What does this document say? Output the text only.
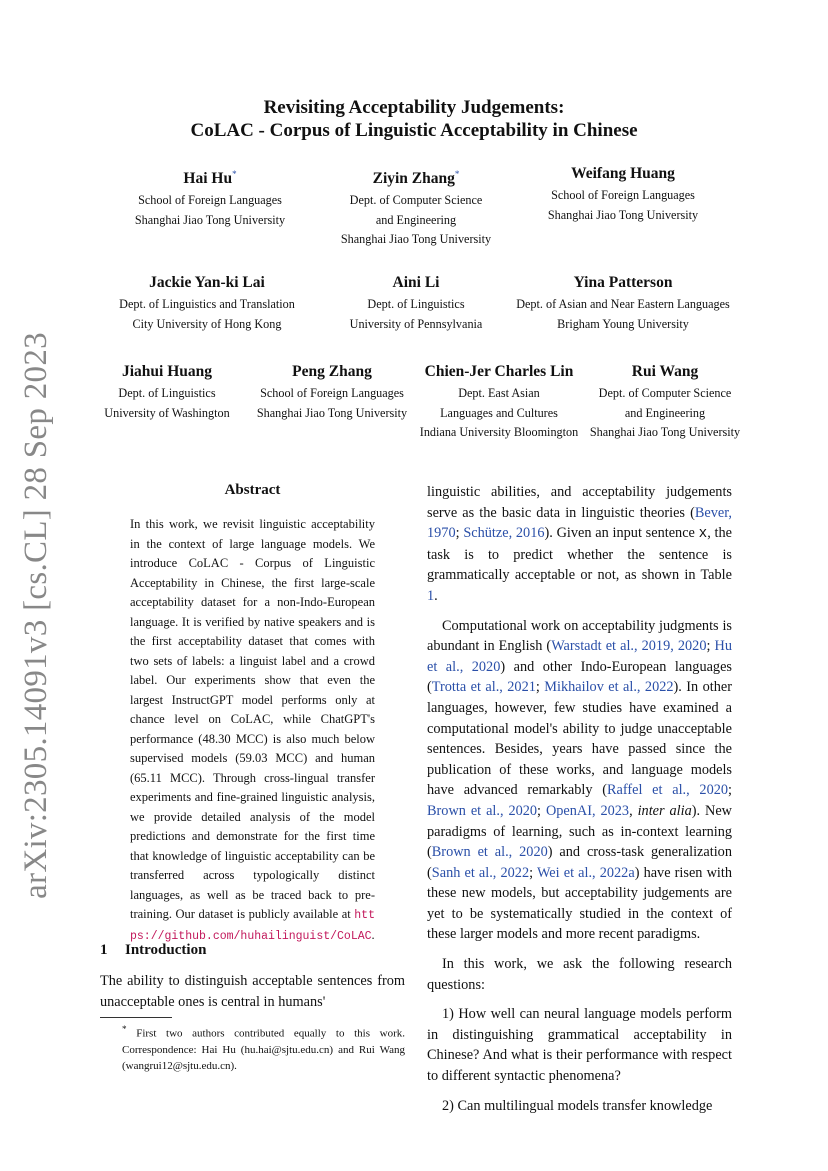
arXiv:2305.14091v3 [cs.CL] 28 Sep 2023
Revisiting Acceptability Judgements:
CoLAC - Corpus of Linguistic Acceptability in Chinese
Hai Hu*
School of Foreign Languages
Shanghai Jiao Tong University
Ziyin Zhang*
Dept. of Computer Science
and Engineering
Shanghai Jiao Tong University
Weifang Huang
School of Foreign Languages
Shanghai Jiao Tong University
Jackie Yan-ki Lai
Dept. of Linguistics and Translation
City University of Hong Kong
Aini Li
Dept. of Linguistics
University of Pennsylvania
Yina Patterson
Dept. of Asian and Near Eastern Languages
Brigham Young University
Jiahui Huang
Dept. of Linguistics
University of Washington
Peng Zhang
School of Foreign Languages
Shanghai Jiao Tong University
Chien-Jer Charles Lin
Dept. East Asian
Languages and Cultures
Indiana University Bloomington
Rui Wang
Dept. of Computer Science
and Engineering
Shanghai Jiao Tong University
Abstract
In this work, we revisit linguistic acceptability in the context of large language models. We introduce CoLAC - Corpus of Linguistic Acceptability in Chinese, the first large-scale acceptability dataset for a non-Indo-European language. It is verified by native speakers and is the first acceptability dataset that comes with two sets of labels: a linguist label and a crowd label. Our experiments show that even the largest InstructGPT model performs only at chance level on CoLAC, while ChatGPT's performance (48.30 MCC) is also much below supervised models (59.03 MCC) and human (65.11 MCC). Through cross-lingual transfer experiments and fine-grained linguistic analysis, we provide detailed analysis of the model predictions and demonstrate for the first time that knowledge of linguistic acceptability can be transferred across typologically distinct languages, as well as be traced back to pre-training. Our dataset is publicly available at https://github.com/huhailinguist/CoLAC.
1 Introduction
The ability to distinguish acceptable sentences from unacceptable ones is central in humans'
* First two authors contributed equally to this work. Correspondence: Hai Hu (hu.hai@sjtu.edu.cn) and Rui Wang (wangrui12@sjtu.edu.cn).

linguistic abilities, and acceptability judgements serve as the basic data in linguistic theories (Bever, 1970; Schütze, 2016). Given an input sentence x, the task is to predict whether the sentence is grammatically acceptable or not, as shown in Table 1.

Computational work on acceptability judgments is abundant in English (Warstadt et al., 2019, 2020; Hu et al., 2020) and other Indo-European languages (Trotta et al., 2021; Mikhailov et al., 2022). In other languages, however, few studies have examined a computational model's ability to judge unacceptable sentences. Besides, years have passed since the publication of these works, and language models have advanced remarkably (Raffel et al., 2020; Brown et al., 2020; OpenAI, 2023, inter alia). New paradigms of learning, such as in-context learning (Brown et al., 2020) and cross-task generalization (Sanh et al., 2022; Wei et al., 2022a) have risen with these new models, but acceptability judgements are yet to be systematically studied in the context of these larger models and more recent paradigms.

In this work, we ask the following research questions:

1) How well can neural language models perform in distinguishing grammatical acceptability in Chinese? And what is their performance with respect to different syntactic phenomena?

2) Can multilingual models transfer knowledge
